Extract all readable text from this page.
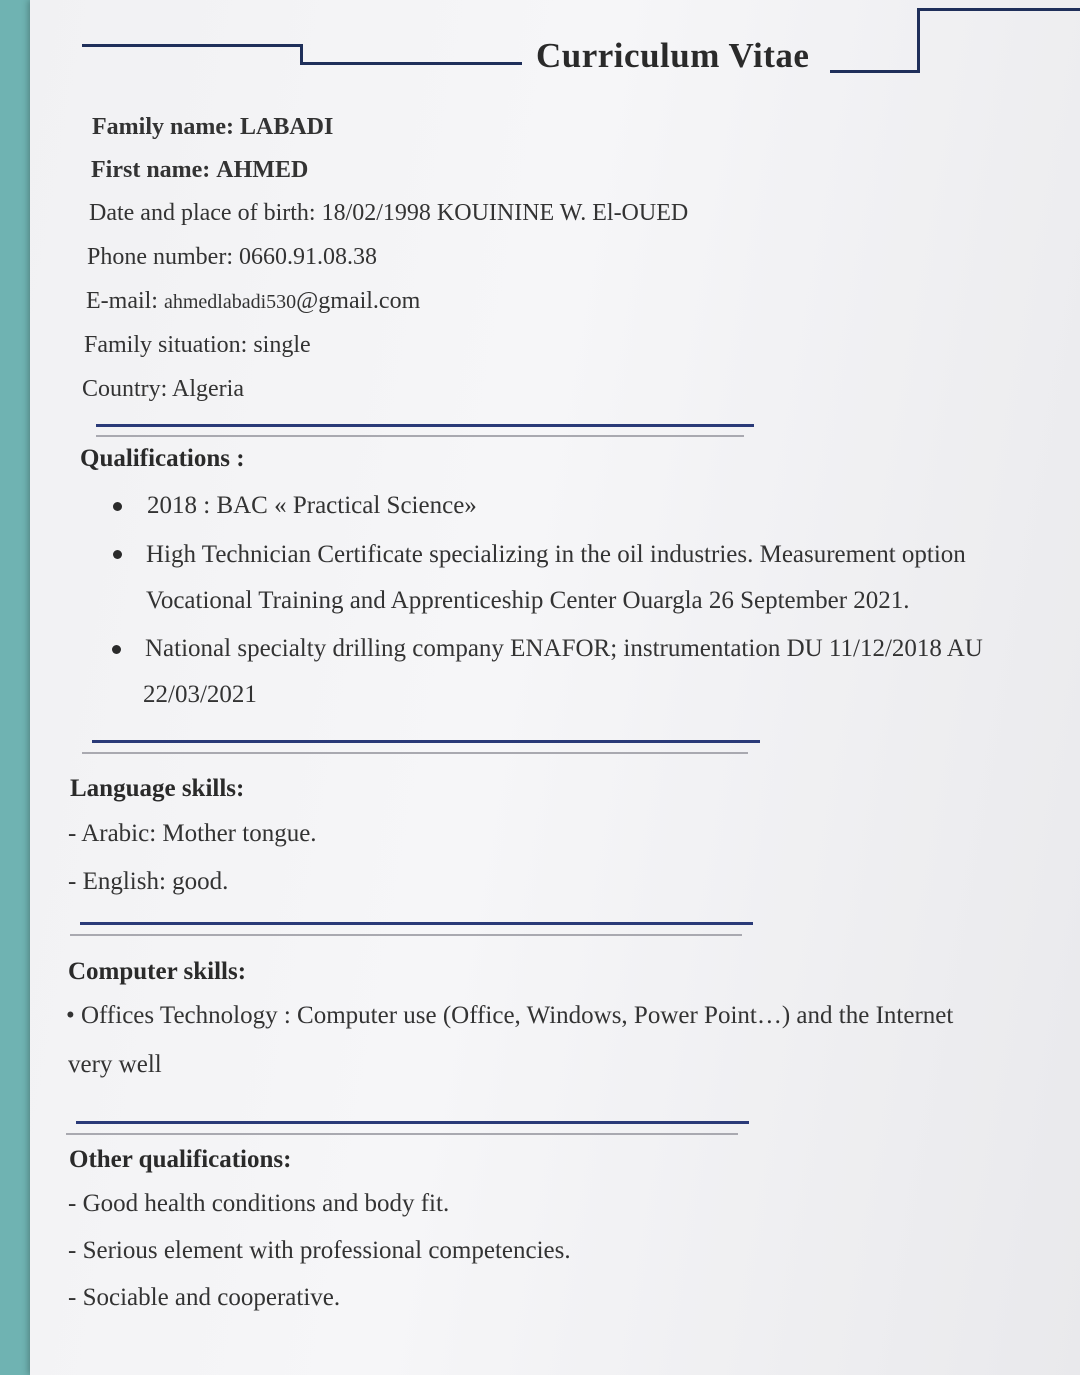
Curriculum Vitae
Family name: LABADI
First name: AHMED
Date and place of birth: 18/02/1998 KOUININE W. El-OUED
Phone number: 0660.91.08.38
E-mail: ahmedlabadi530@gmail.com
Family situation: single
Country: Algeria
Qualifications :
2018 : BAC « Practical Science»
High Technician Certificate specializing in the oil industries. Measurement option
Vocational Training and Apprenticeship Center Ouargla 26 September 2021.
National specialty drilling company ENAFOR; instrumentation DU 11/12/2018 AU
22/03/2021
Language skills:
- Arabic: Mother tongue.
- English: good.
Computer skills:
• Offices Technology : Computer use (Office, Windows, Power Point…) and the Internet
very well
Other qualifications:
- Good health conditions and body fit.
- Serious element with professional competencies.
- Sociable and cooperative.
